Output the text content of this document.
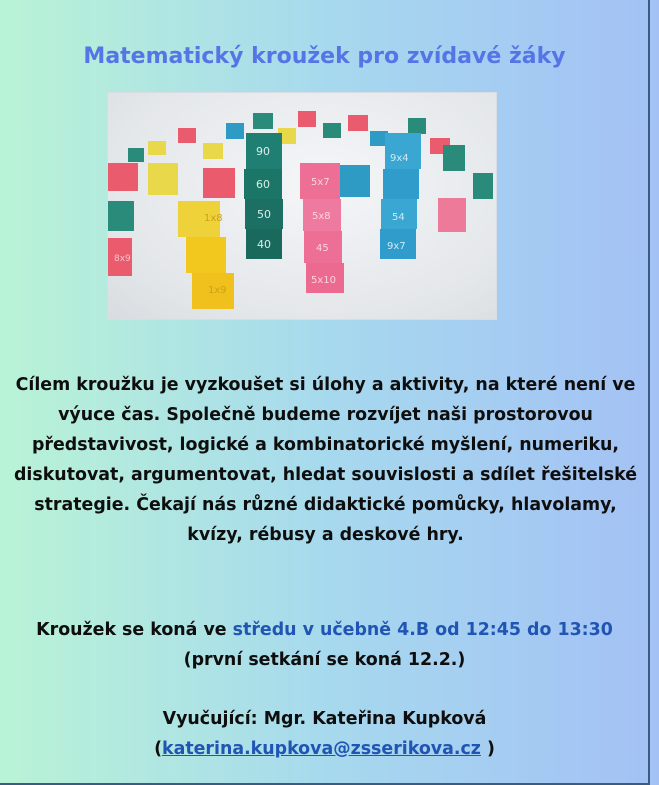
Matematický kroužek pro zvídavé žáky
1x8
1x9
90
60
50
40
5x7
5x8
45
5x10
9x4
54
9x7
8x9
Cílem kroužku je vyzkoušet si úlohy a aktivity, na které není ve výuce čas. Společně budeme rozvíjet naši prostorovou představivost, logické a kombinatorické myšlení, numeriku, diskutovat, argumentovat, hledat souvislosti a sdílet řešitelské strategie. Čekají nás různé didaktické pomůcky, hlavolamy, kvízy, rébusy a deskové hry.
Kroužek se koná ve středu v učebně 4.B od 12:45 do 13:30 (první setkání se koná 12.2.)
Vyučující: Mgr. Kateřina Kupková
(katerina.kupkova@zsserikova.cz )
